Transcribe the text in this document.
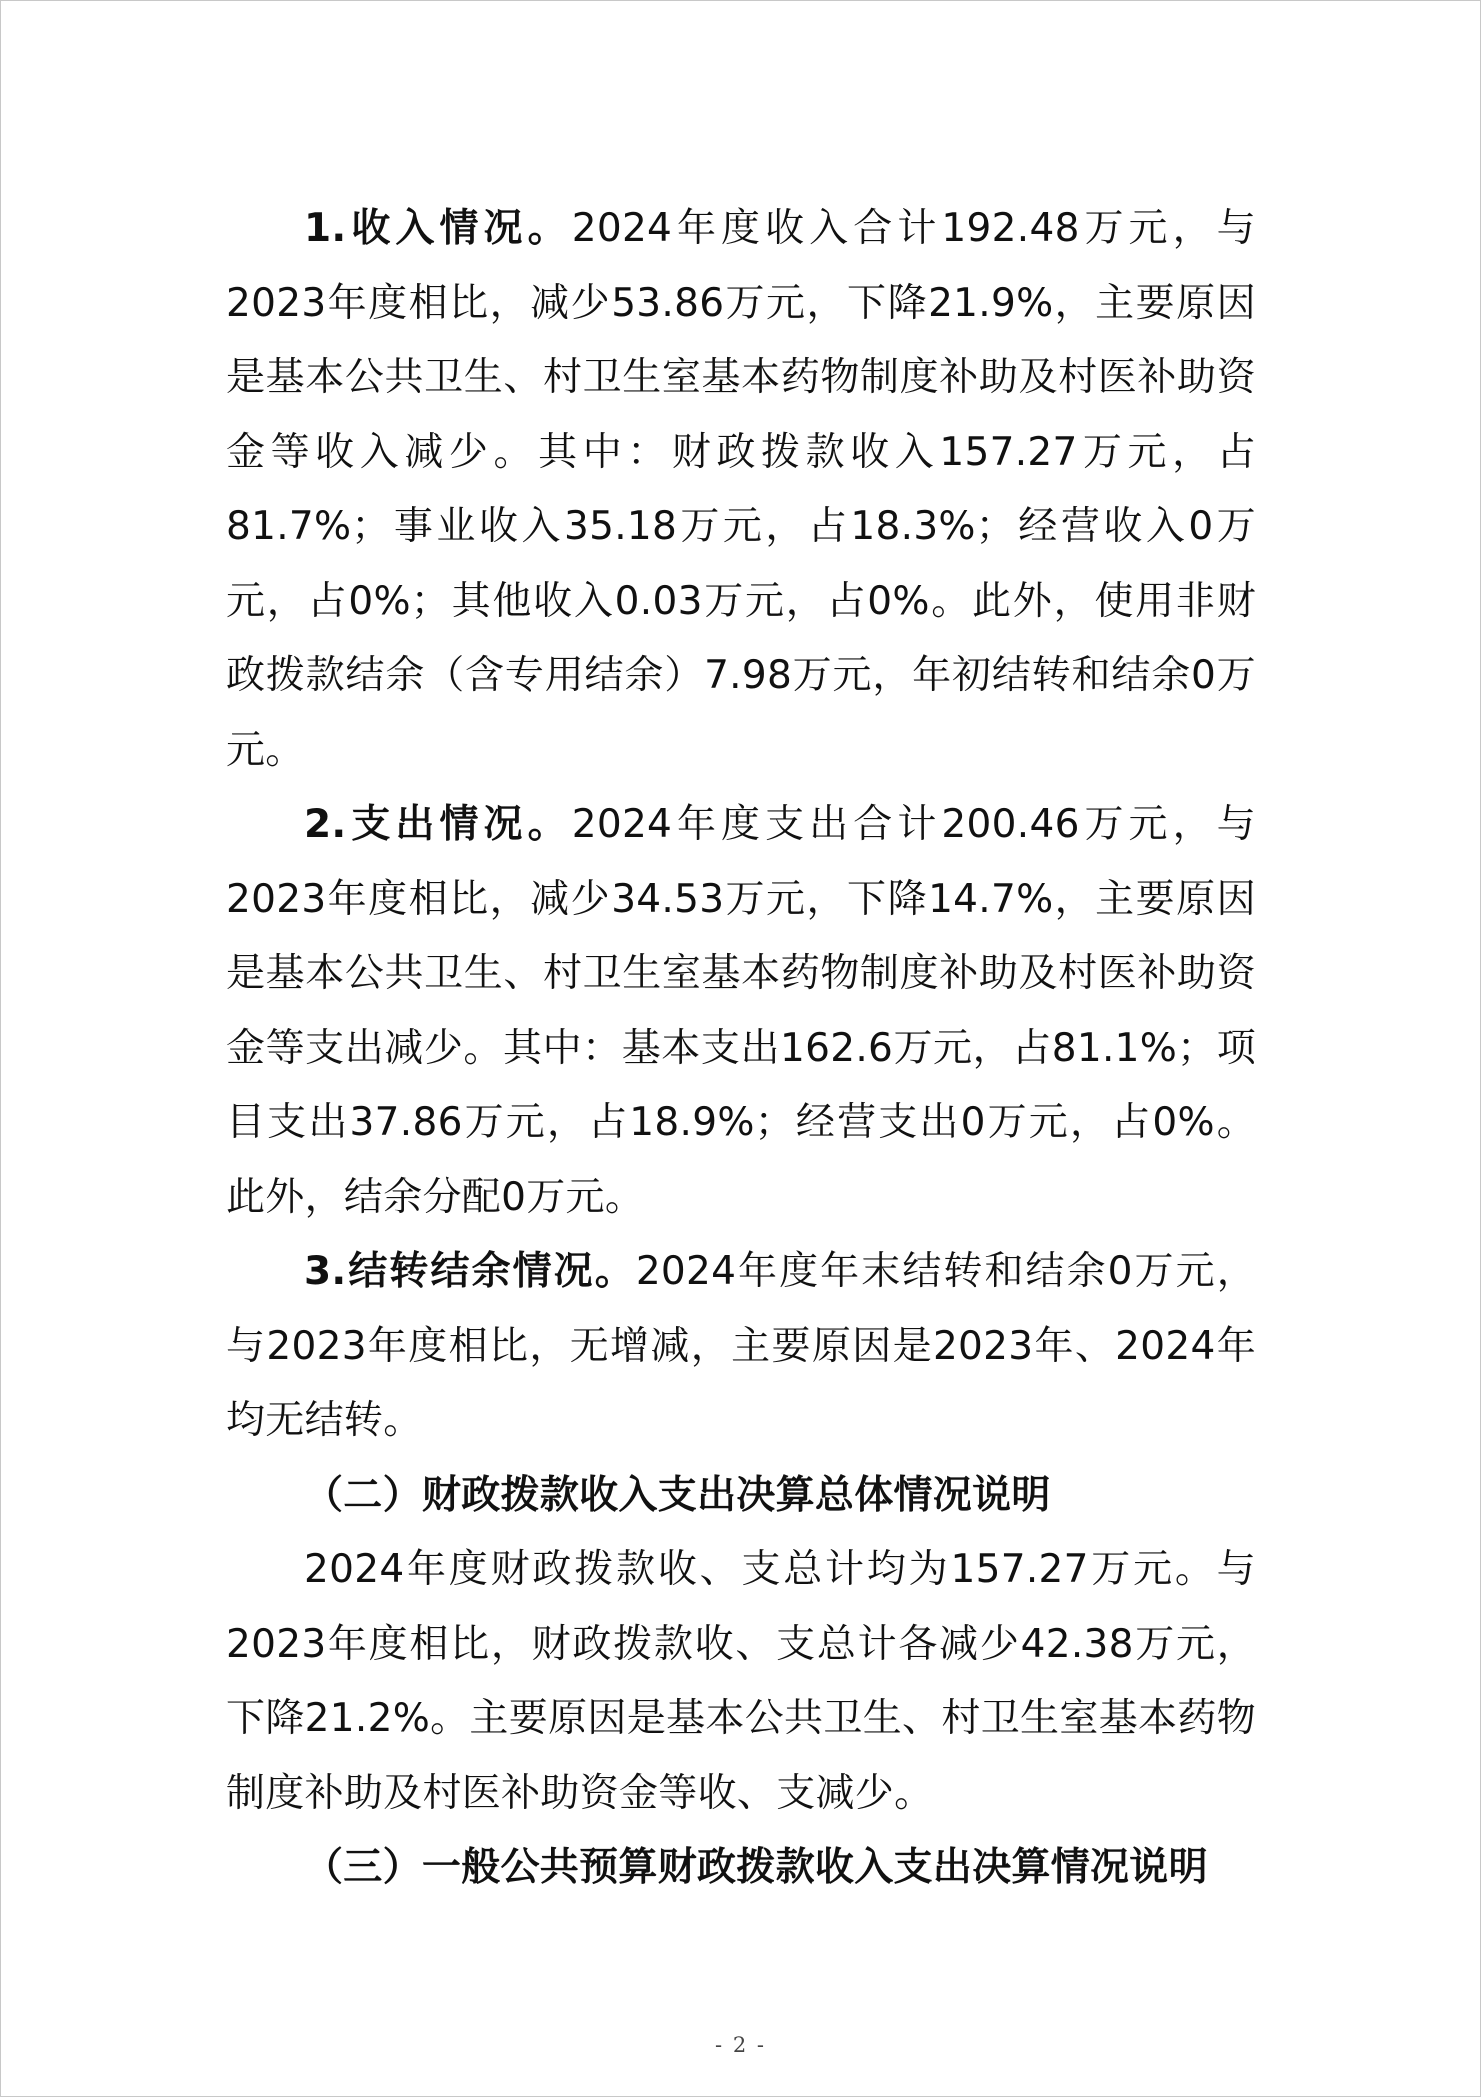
1.收入情况。2024年度收入合计192.48万元，与2023年度相比，减少53.86万元，下降21.9%，主要原因是基本公共卫生、村卫生室基本药物制度补助及村医补助资金等收入减少。其中：财政拨款收入157.27万元，占81.7%；事业收入35.18万元，占18.3%；经营收入0万元，占0%；其他收入0.03万元，占0%。此外，使用非财政拨款结余（含专用结余）7.98万元，年初结转和结余0万元。

2.支出情况。2024年度支出合计200.46万元，与2023年度相比，减少34.53万元，下降14.7%，主要原因是基本公共卫生、村卫生室基本药物制度补助及村医补助资金等支出减少。其中：基本支出162.6万元，占81.1%；项目支出37.86万元，占18.9%；经营支出0万元，占0%。此外，结余分配0万元。

3.结转结余情况。2024年度年末结转和结余0万元，与2023年度相比，无增减，主要原因是2023年、2024年均无结转。

（二）财政拨款收入支出决算总体情况说明

2024年度财政拨款收、支总计均为157.27万元。与2023年度相比，财政拨款收、支总计各减少42.38万元，下降21.2%。主要原因是基本公共卫生、村卫生室基本药物制度补助及村医补助资金等收、支减少。

（三）一般公共预算财政拨款收入支出决算情况说明

- 2 -
